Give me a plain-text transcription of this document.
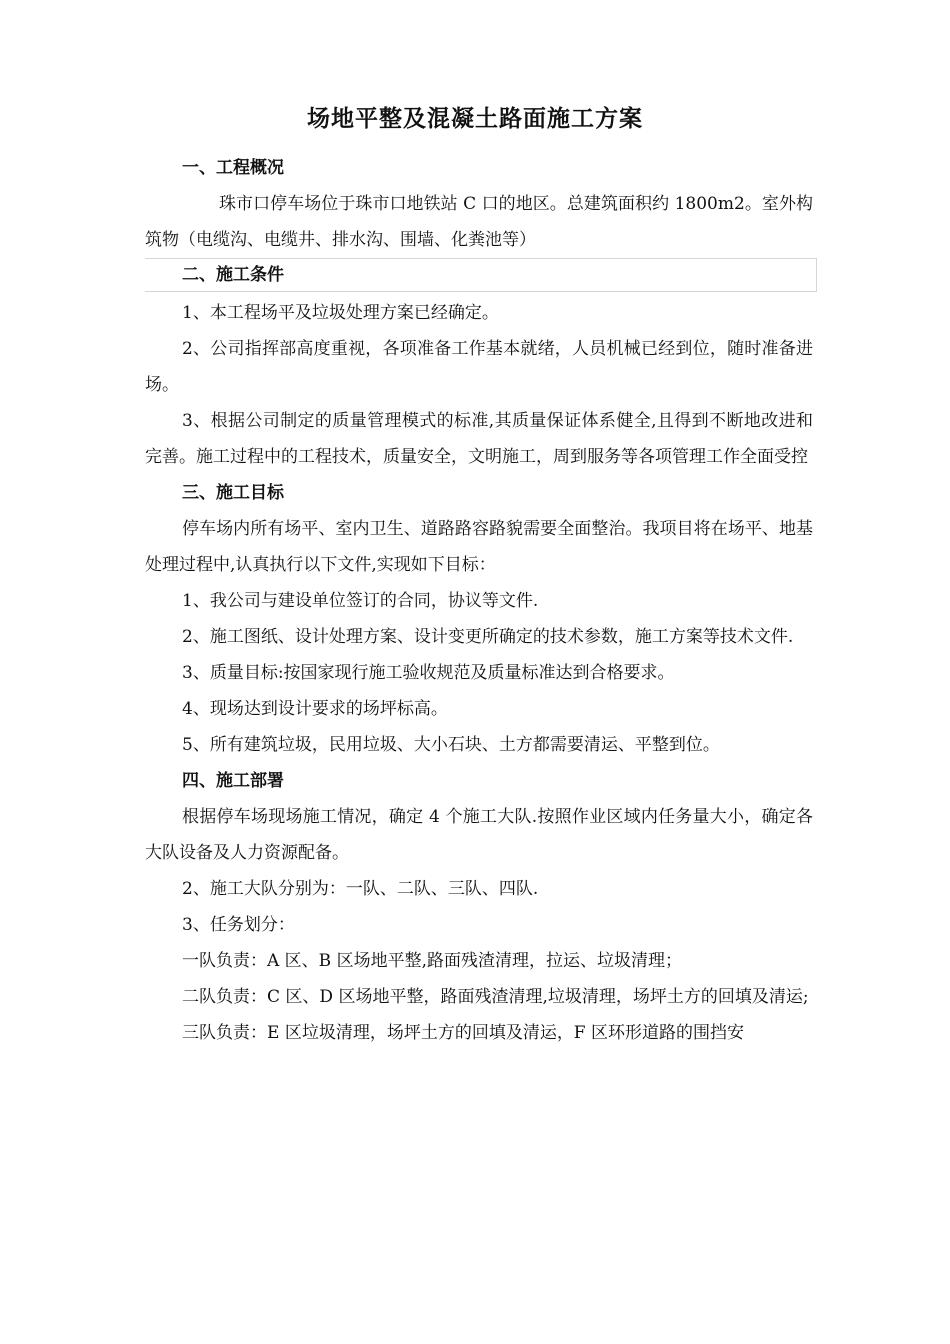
场地平整及混凝土路面施工方案

一、工程概况

珠市口停车场位于珠市口地铁站 C 口的地区。总建筑面积约 1800m2。室外构筑物（电缆沟、电缆井、排水沟、围墙、化粪池等）

二、施工条件

1、本工程场平及垃圾处理方案已经确定。

2、公司指挥部高度重视，各项准备工作基本就绪，人员机械已经到位，随时准备进场。

3、根据公司制定的质量管理模式的标准,其质量保证体系健全,且得到不断地改进和完善。施工过程中的工程技术，质量安全，文明施工，周到服务等各项管理工作全面受控

三、施工目标

停车场内所有场平、室内卫生、道路路容路貌需要全面整治。我项目将在场平、地基处理过程中,认真执行以下文件,实现如下目标：

1、我公司与建设单位签订的合同，协议等文件.

2、施工图纸、设计处理方案、设计变更所确定的技术参数，施工方案等技术文件.

3、质量目标:按国家现行施工验收规范及质量标准达到合格要求。

4、现场达到设计要求的场坪标高。

5、所有建筑垃圾，民用垃圾、大小石块、土方都需要清运、平整到位。

四、施工部署

根据停车场现场施工情况，确定 4 个施工大队.按照作业区域内任务量大小，确定各大队设备及人力资源配备。

2、施工大队分别为：一队、二队、三队、四队.

3、任务划分：

一队负责：A 区、B 区场地平整,路面残渣清理，拉运、垃圾清理；

二队负责：C 区、D 区场地平整，路面残渣清理,垃圾清理，场坪土方的回填及清运;

三队负责：E 区垃圾清理，场坪土方的回填及清运，F 区环形道路的围挡安
